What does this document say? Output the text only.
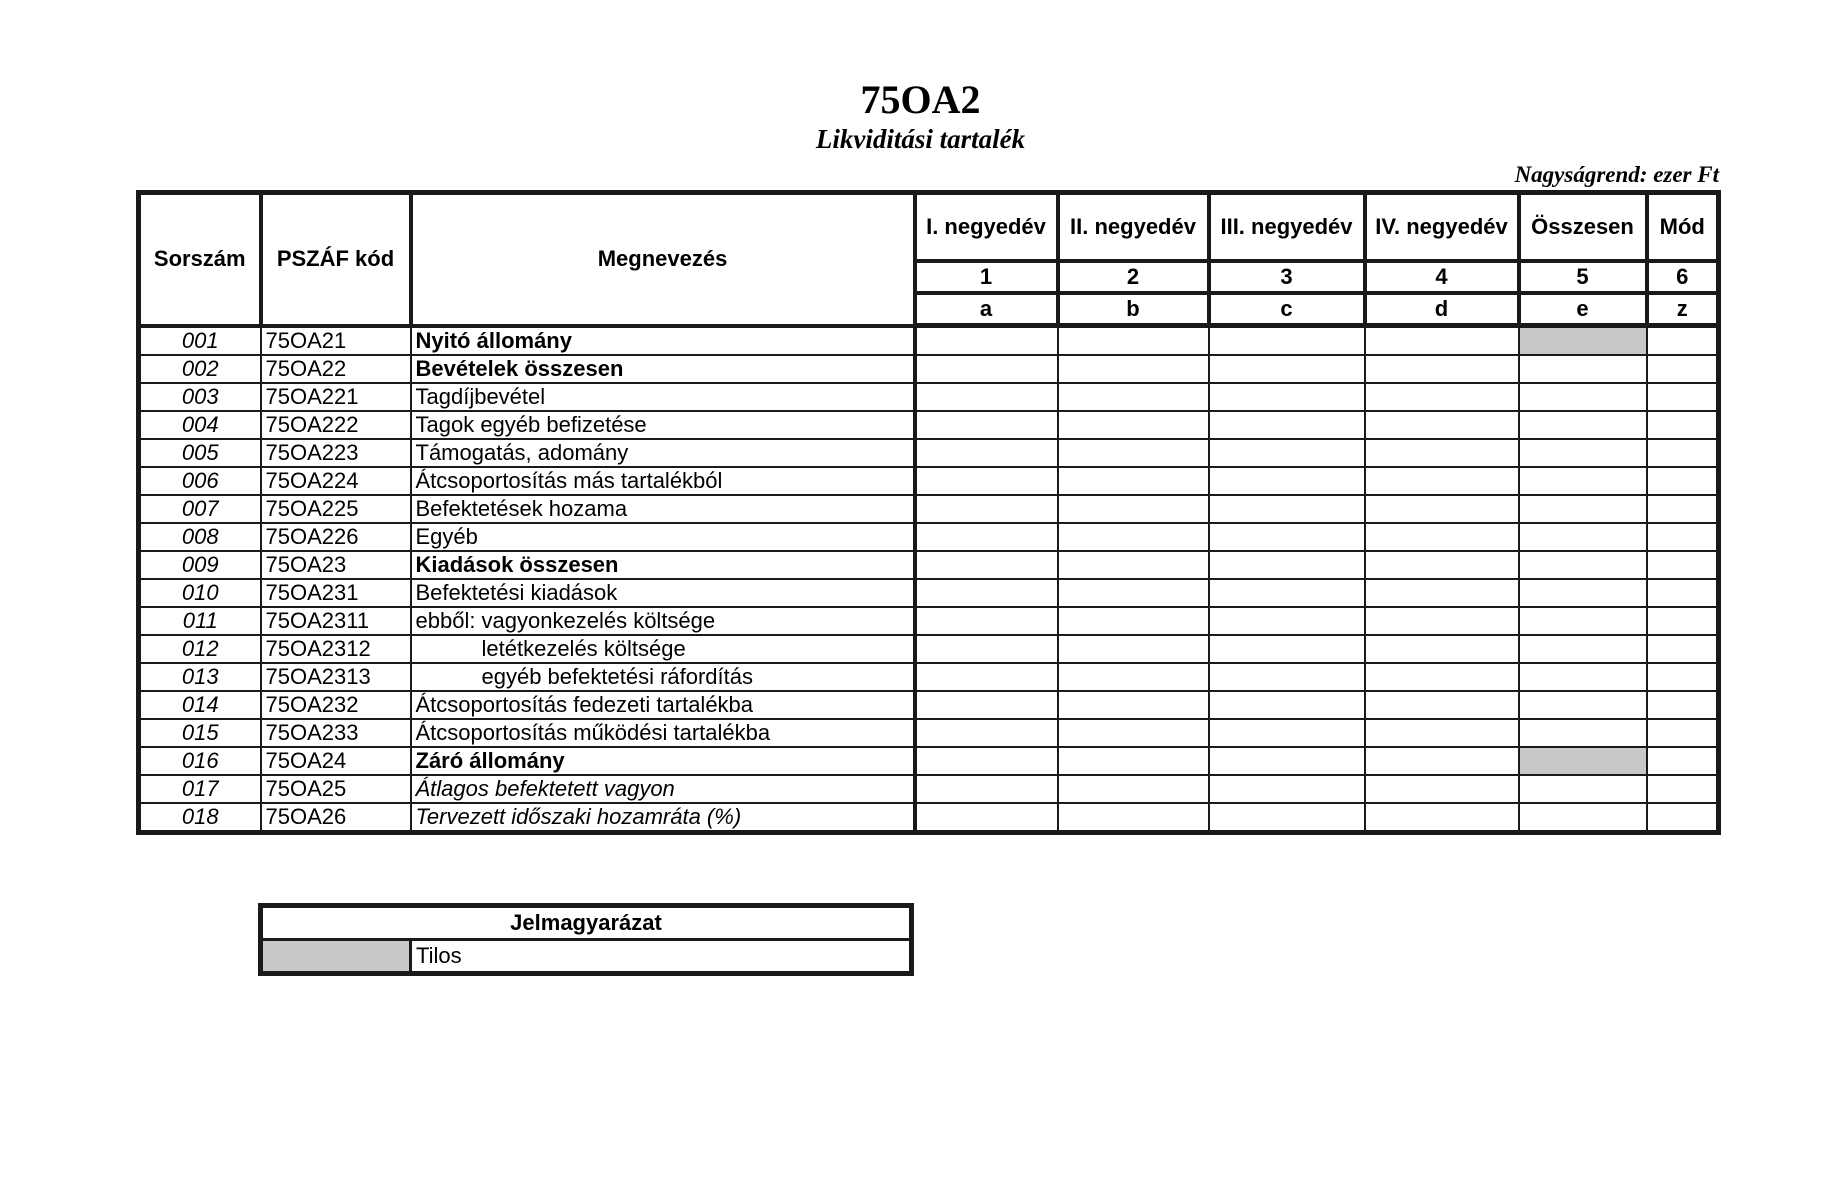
75OA2
Likviditási tartalék
Nagyságrend: ezer Ft
Sorszám	PSZÁF kód	Megnevezés	I. negyedév	II. negyedév	III. negyedév	IV. negyedév	Összesen	Mód
			1	2	3	4	5	6
			a	b	c	d	e	z
001	75OA21	Nyitó állomány						
002	75OA22	Bevételek összesen						
003	75OA221	Tagdíjbevétel						
004	75OA222	Tagok egyéb befizetése						
005	75OA223	Támogatás, adomány						
006	75OA224	Átcsoportosítás más tartalékból						
007	75OA225	Befektetések hozama						
008	75OA226	Egyéb						
009	75OA23	Kiadások összesen						
010	75OA231	Befektetési kiadások						
011	75OA2311	ebből: vagyonkezelés költsége						
012	75OA2312	letétkezelés költsége						
013	75OA2313	egyéb befektetési ráfordítás						
014	75OA232	Átcsoportosítás fedezeti tartalékba						
015	75OA233	Átcsoportosítás működési tartalékba						
016	75OA24	Záró állomány						
017	75OA25	Átlagos befektetett vagyon						
018	75OA26	Tervezett időszaki hozamráta (%)						
Jelmagyarázat
	Tilos
